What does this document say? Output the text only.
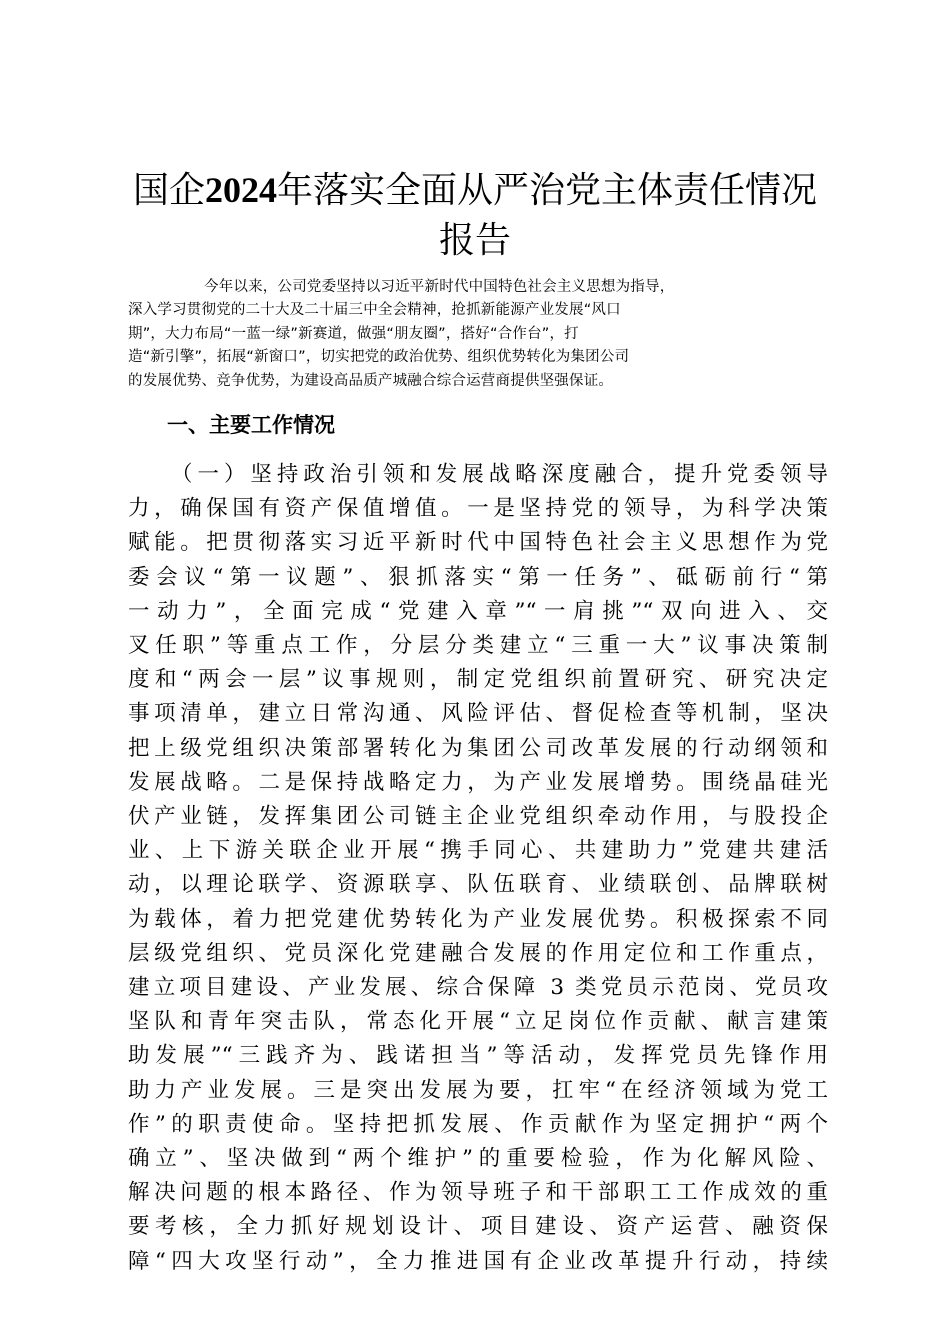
国企2024年落实全面从严治党主体责任情况
报告
今年以来，公司党委坚持以习近平新时代中国特色社会主义思想为指导，
深入学习贯彻党的二十大及二十届三中全会精神，抢抓新能源产业发展“风口
期”，大力布局“一蓝一绿”新赛道，做强“朋友圈”，搭好“合作台”，打
造“新引擎”，拓展“新窗口”，切实把党的政治优势、组织优势转化为集团公司
的发展优势、竞争优势，为建设高品质产城融合综合运营商提供坚强保证。
一、主要工作情况
（一）坚持政治引领和发展战略深度融合，提升党委领导
力，确保国有资产保值增值。一是坚持党的领导，为科学决策
赋能。把贯彻落实习近平新时代中国特色社会主义思想作为党
委会议“第一议题”、狠抓落实“第一任务”、砥砺前行“第
一动力”，全面完成“党建入章”“一肩挑”“双向进入、交
叉任职”等重点工作，分层分类建立“三重一大”议事决策制
度和“两会一层”议事规则，制定党组织前置研究、研究决定
事项清单，建立日常沟通、风险评估、督促检查等机制，坚决
把上级党组织决策部署转化为集团公司改革发展的行动纲领和
发展战略。二是保持战略定力，为产业发展增势。围绕晶硅光
伏产业链，发挥集团公司链主企业党组织牵动作用，与股投企
业、上下游关联企业开展“携手同心、共建助力”党建共建活
动，以理论联学、资源联享、队伍联育、业绩联创、品牌联树
为载体，着力把党建优势转化为产业发展优势。积极探索不同
层级党组织、党员深化党建融合发展的作用定位和工作重点，
建立项目建设、产业发展、综合保障 3 类党员示范岗、党员攻
坚队和青年突击队，常态化开展“立足岗位作贡献、献言建策
助发展”“三践齐为、践诺担当”等活动，发挥党员先锋作用
助力产业发展。三是突出发展为要，扛牢“在经济领域为党工
作”的职责使命。坚持把抓发展、作贡献作为坚定拥护“两个
确立”、坚决做到“两个维护”的重要检验，作为化解风险、
解决问题的根本路径、作为领导班子和干部职工工作成效的重
要考核，全力抓好规划设计、项目建设、资产运营、融资保
障“四大攻坚行动”，全力推进国有企业改革提升行动，持续
